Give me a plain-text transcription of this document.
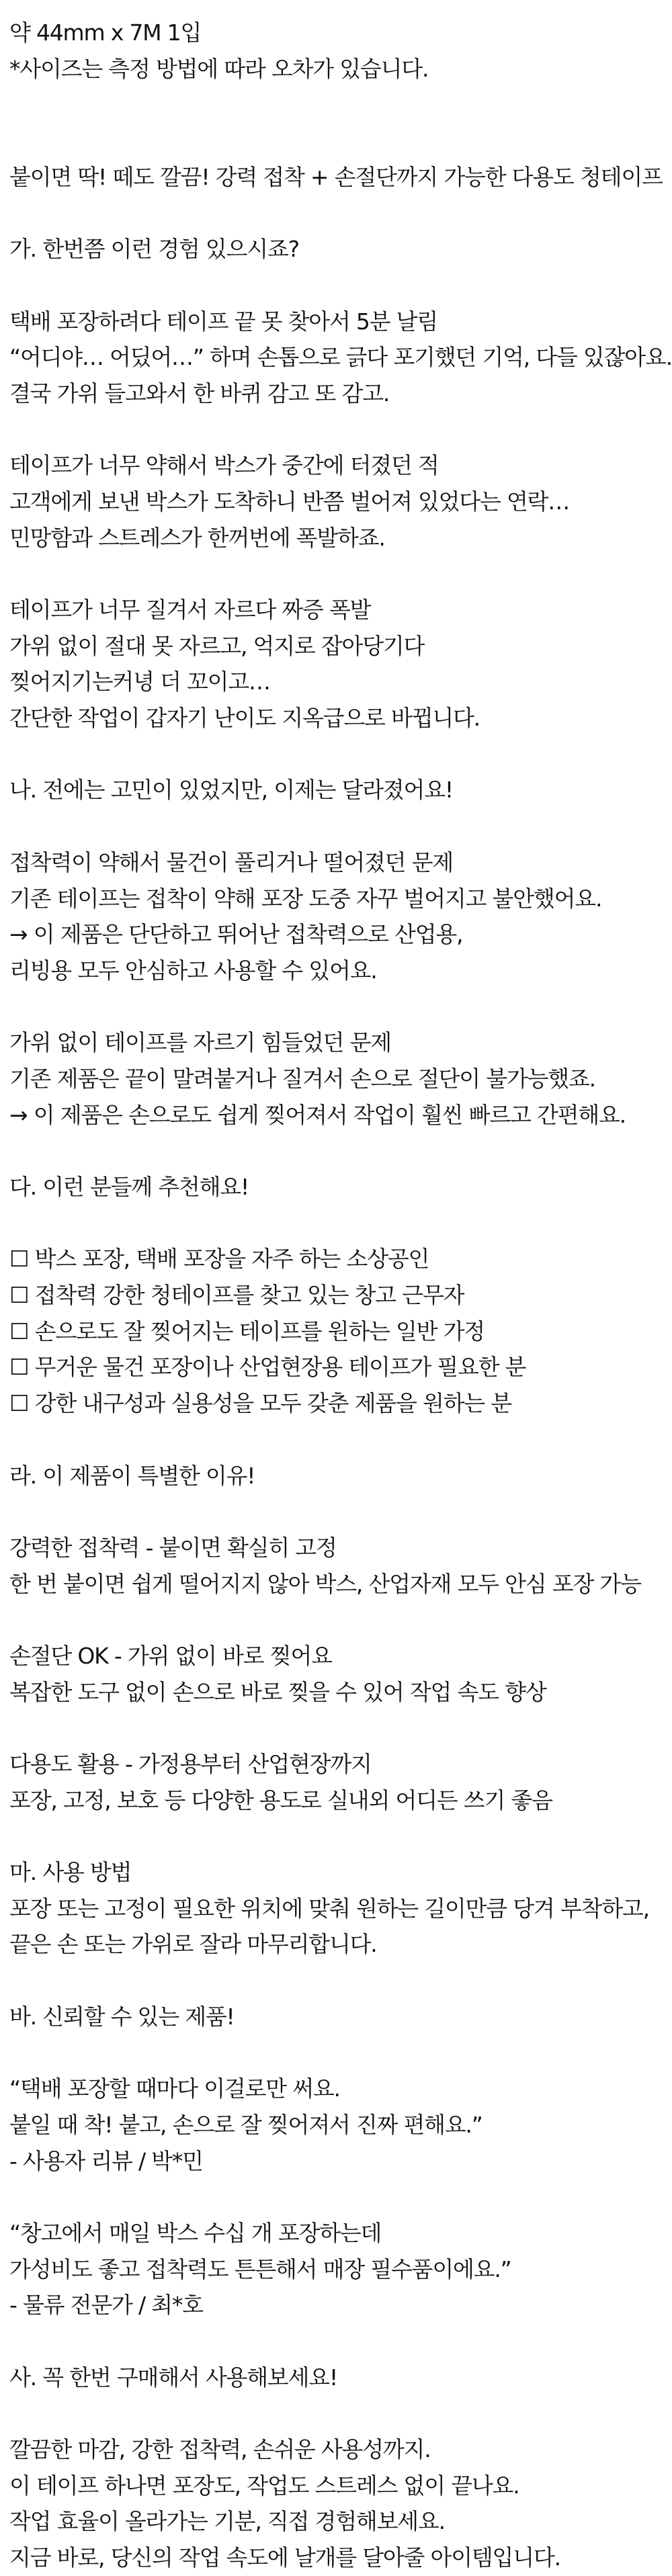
약 44mm x 7M 1입
*사이즈는 측정 방법에 따라 오차가 있습니다.
붙이면 딱! 떼도 깔끔! 강력 접착 + 손절단까지 가능한 다용도 청테이프
가. 한번쯤 이런 경험 있으시죠?
택배 포장하려다 테이프 끝 못 찾아서 5분 날림
“어디야… 어딨어…” 하며 손톱으로 긁다 포기했던 기억, 다들 있잖아요.
결국 가위 들고와서 한 바퀴 감고 또 감고.
테이프가 너무 약해서 박스가 중간에 터졌던 적
고객에게 보낸 박스가 도착하니 반쯤 벌어져 있었다는 연락…
민망함과 스트레스가 한꺼번에 폭발하죠.
테이프가 너무 질겨서 자르다 짜증 폭발
가위 없이 절대 못 자르고, 억지로 잡아당기다
찢어지기는커녕 더 꼬이고…
간단한 작업이 갑자기 난이도 지옥급으로 바뀝니다.
나. 전에는 고민이 있었지만, 이제는 달라졌어요!
접착력이 약해서 물건이 풀리거나 떨어졌던 문제
기존 테이프는 접착이 약해 포장 도중 자꾸 벌어지고 불안했어요.
→ 이 제품은 단단하고 뛰어난 접착력으로 산업용,
리빙용 모두 안심하고 사용할 수 있어요.
가위 없이 테이프를 자르기 힘들었던 문제
기존 제품은 끝이 말려붙거나 질겨서 손으로 절단이 불가능했죠.
→ 이 제품은 손으로도 쉽게 찢어져서 작업이 훨씬 빠르고 간편해요.
다. 이런 분들께 추천해요!
☐ 박스 포장, 택배 포장을 자주 하는 소상공인
☐ 접착력 강한 청테이프를 찾고 있는 창고 근무자
☐ 손으로도 잘 찢어지는 테이프를 원하는 일반 가정
☐ 무거운 물건 포장이나 산업현장용 테이프가 필요한 분
☐ 강한 내구성과 실용성을 모두 갖춘 제품을 원하는 분
라. 이 제품이 특별한 이유!
강력한 접착력 - 붙이면 확실히 고정
한 번 붙이면 쉽게 떨어지지 않아 박스, 산업자재 모두 안심 포장 가능
손절단 OK - 가위 없이 바로 찢어요
복잡한 도구 없이 손으로 바로 찢을 수 있어 작업 속도 향상
다용도 활용 - 가정용부터 산업현장까지
포장, 고정, 보호 등 다양한 용도로 실내외 어디든 쓰기 좋음
마. 사용 방법
포장 또는 고정이 필요한 위치에 맞춰 원하는 길이만큼 당겨 부착하고,
끝은 손 또는 가위로 잘라 마무리합니다.
바. 신뢰할 수 있는 제품!
“택배 포장할 때마다 이걸로만 써요.
붙일 때 착! 붙고, 손으로 잘 찢어져서 진짜 편해요.”
- 사용자 리뷰 / 박*민
“창고에서 매일 박스 수십 개 포장하는데
가성비도 좋고 접착력도 튼튼해서 매장 필수품이에요.”
- 물류 전문가 / 최*호
사. 꼭 한번 구매해서 사용해보세요!
깔끔한 마감, 강한 접착력, 손쉬운 사용성까지.
이 테이프 하나면 포장도, 작업도 스트레스 없이 끝나요.
작업 효율이 올라가는 기분, 직접 경험해보세요.
지금 바로, 당신의 작업 속도에 날개를 달아줄 아이템입니다.
